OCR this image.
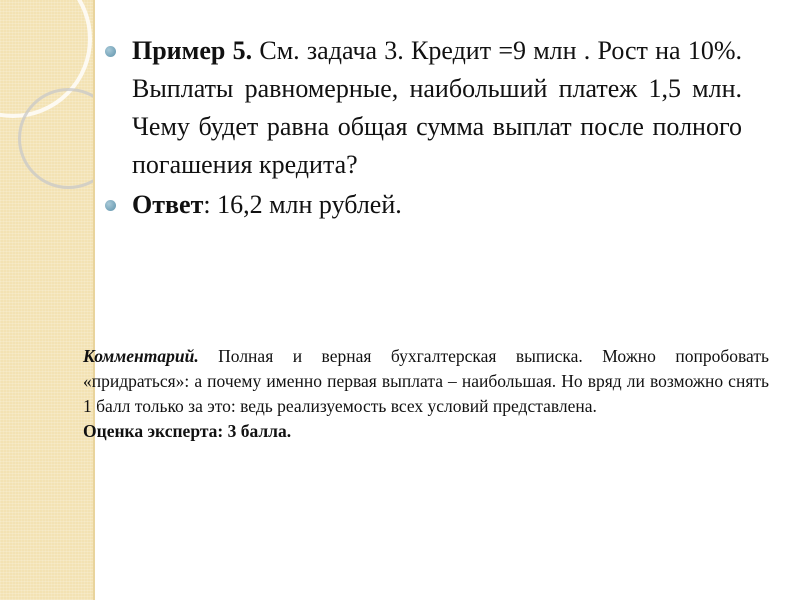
Пример 5. См. задача 3. Кредит =9 млн . Рост на 10%. Выплаты равномерные, наибольший платеж 1,5 млн. Чему будет равна общая сумма выплат после полного погашения кредита?
Ответ: 16,2 млн рублей.

Комментарий. Полная и верная бухгалтерская выписка. Можно попробовать «придраться»: а почему именно первая выплата – наибольшая. Но вряд ли возможно снять 1 балл только за это: ведь реализуемость всех условий представлена.

Оценка эксперта: 3 балла.
